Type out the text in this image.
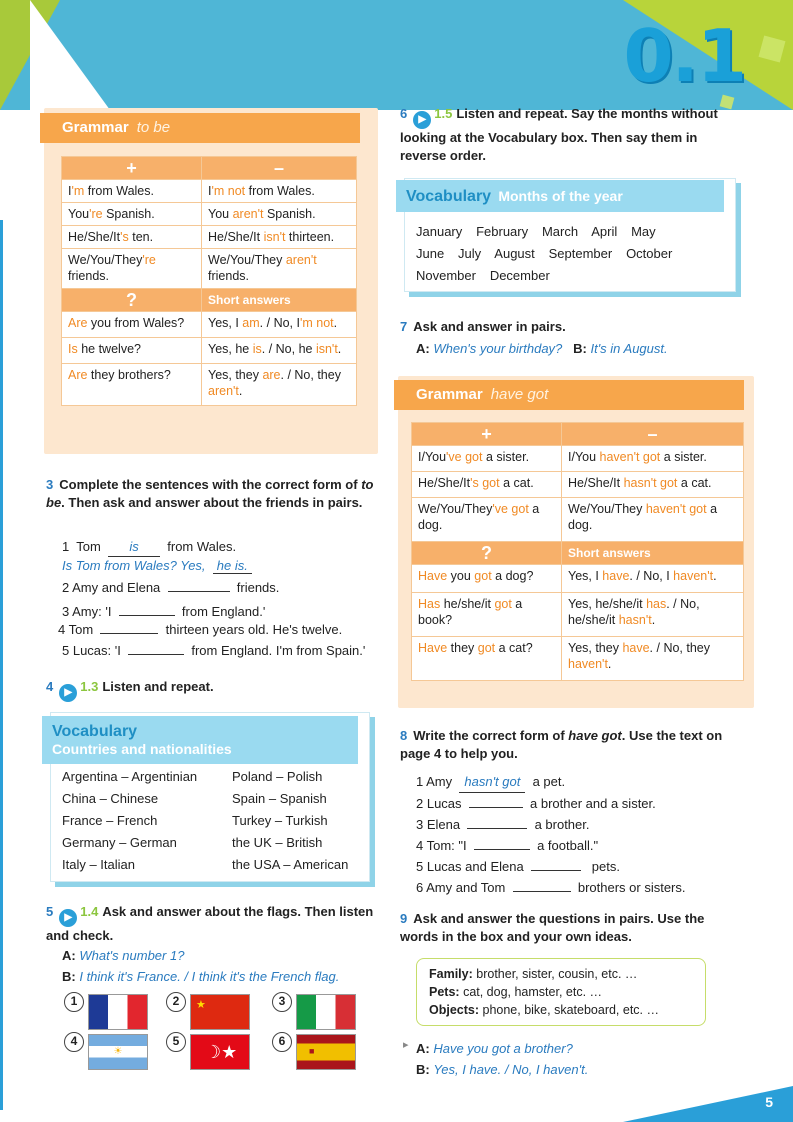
0.1
Grammar to be
+	–
I'm from Wales.	I'm not from Wales.
You're Spanish.	You aren't Spanish.
He/She/It's ten.	He/She/It isn't thirteen.
We/You/They're friends.	We/You/They aren't friends.
?	Short answers
Are you from Wales?	Yes, I am. / No, I'm not.
Is he twelve?	Yes, he is. / No, he isn't.
Are they brothers?	Yes, they are. / No, they aren't.
3 Complete the sentences with the correct form of to be. Then ask and answer about the friends in pairs.
1 Tom is from Wales.
Is Tom from Wales? Yes, he is.
2 Amy and Elena	friends.
3 Amy: 'I	from England.'
4 Tom	thirteen years old. He's twelve.
5 Lucas: 'I	from England. I'm from Spain.'
4 ▶ 1.3 Listen and repeat.
Vocabulary
Countries and nationalities
Argentina – Argentinian
China – Chinese
France – French
Germany – German
Italy – Italian
Poland – Polish
Spain – Spanish
Turkey – Turkish
the UK – British
the USA – American
5 ▶ 1.4 Ask and answer about the flags. Then listen and check.
A: What's number 1?
B: I think it's France. / I think it's the French flag.
1	2	★	3
4
☀
5
☽★
6
■
6 ▶ 1.5 Listen and repeat. Say the months without looking at the Vocabulary box. Then say them in reverse order.
Vocabulary Months of the year
January February March April May
June July August September October
November December
7 Ask and answer in pairs.
A: When's your birthday? B: It's in August.
Grammar have got
+	–
I/You've got a sister.	I/You haven't got a sister.
He/She/It's got a cat.	He/She/It hasn't got a cat.
We/You/They've got a dog.	We/You/They haven't got a dog.
?	Short answers
Have you got a dog?	Yes, I have. / No, I haven't.
Has he/she/it got a book?	Yes, he/she/it has. / No, he/she/it hasn't.
Have they got a cat?	Yes, they have. / No, they haven't.
8 Write the correct form of have got. Use the text on page 4 to help you.
1 Amy hasn't got a pet.
2 Lucas	a brother and a sister.
3 Elena	a brother.
4 Tom: "I	a football."
5 Lucas and Elena	pets.
6 Amy and Tom	brothers or sisters.
9 Ask and answer the questions in pairs. Use the words in the box and your own ideas.
Family: brother, sister, cousin, etc. …
Pets: cat, dog, hamster, etc. …
Objects: phone, bike, skateboard, etc. …
▸ A: Have you got a brother?
B: Yes, I have. / No, I haven't.
5
